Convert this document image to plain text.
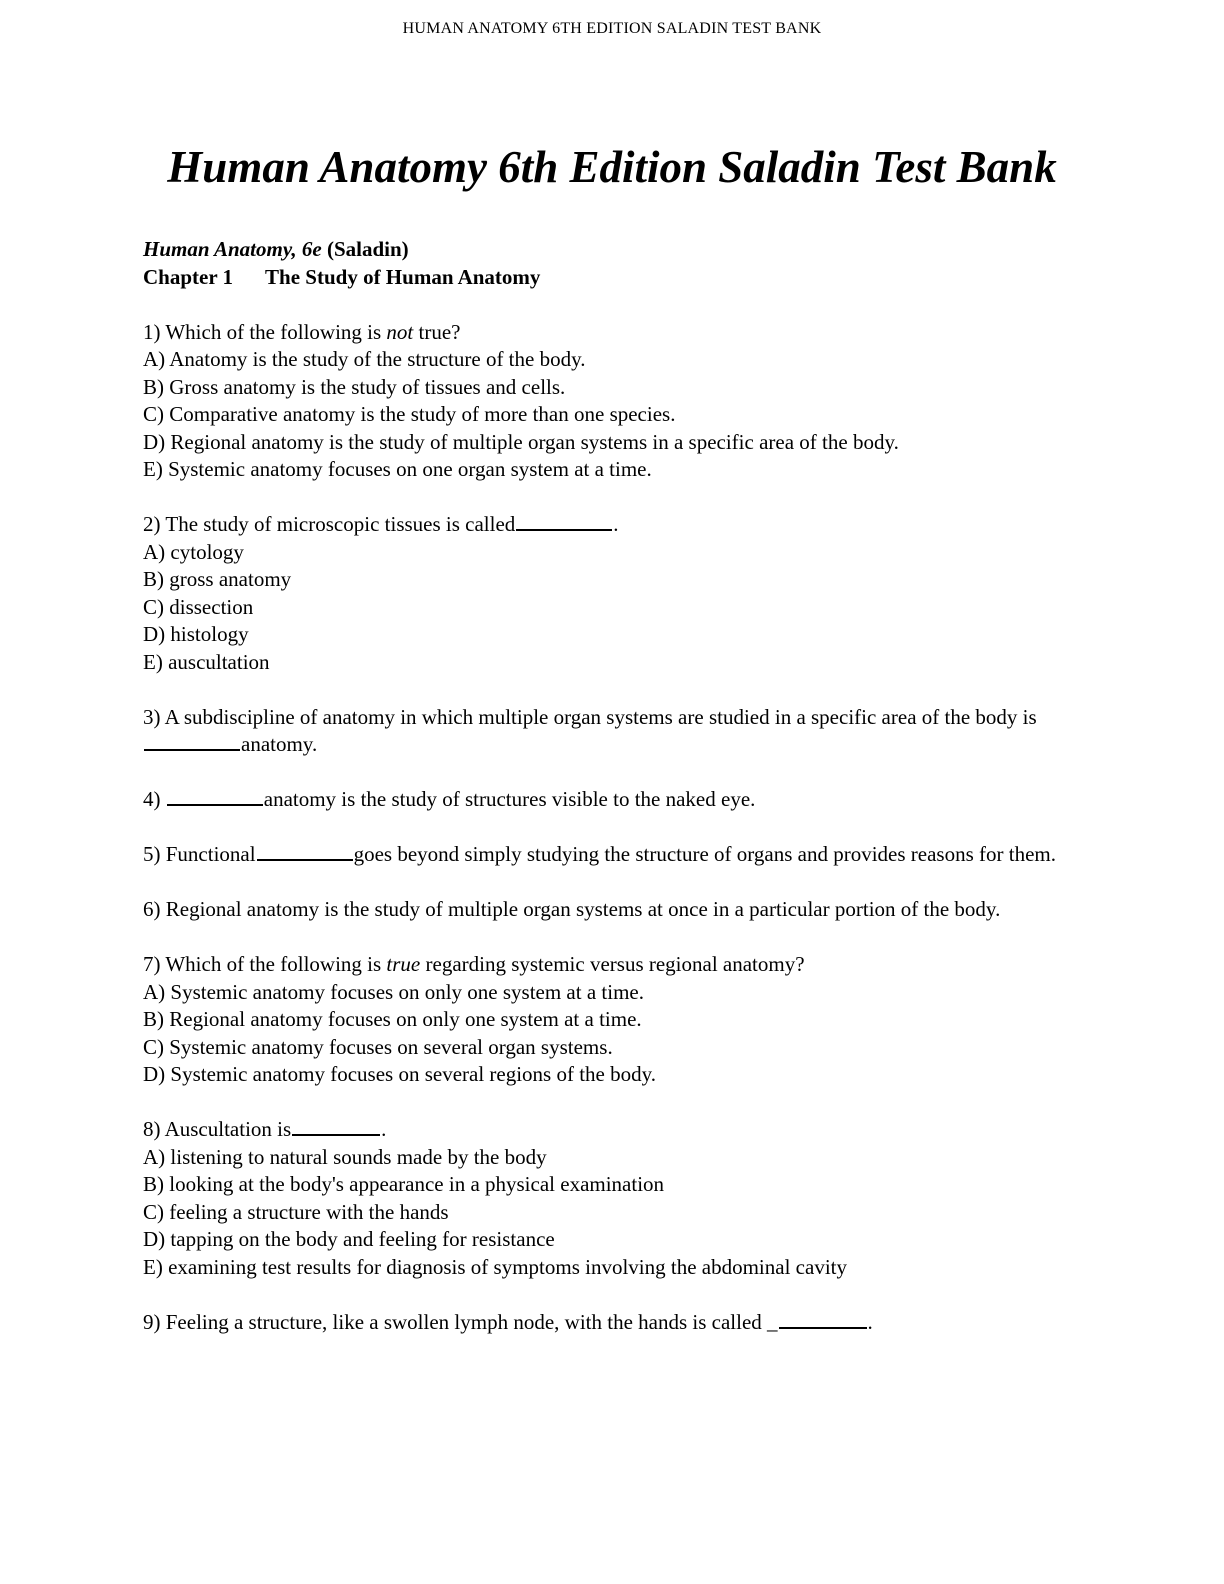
HUMAN ANATOMY 6TH EDITION SALADIN TEST BANK
Human Anatomy 6th Edition Saladin Test Bank

Human Anatomy, 6e (Saladin)

Chapter 1 The Study of Human Anatomy

1) Which of the following is not true?

A) Anatomy is the study of the structure of the body.

B) Gross anatomy is the study of tissues and cells.

C) Comparative anatomy is the study of more than one species.

D) Regional anatomy is the study of multiple organ systems in a specific area of the body.

E) Systemic anatomy focuses on one organ system at a time.

2) The study of microscopic tissues is called	.

A) cytology

B) gross anatomy

C) dissection

D) histology

E) auscultation

3) A subdiscipline of anatomy in which multiple organ systems are studied in a specific area of the body isanatomy.

4)	anatomy is the study of structures visible to the naked eye.

5) Functional	goes beyond simply studying the structure of organs and provides reasons for them.

6) Regional anatomy is the study of multiple organ systems at once in a particular portion of the body.

7) Which of the following is true regarding systemic versus regional anatomy?

A) Systemic anatomy focuses on only one system at a time.

B) Regional anatomy focuses on only one system at a time.

C) Systemic anatomy focuses on several organ systems.

D) Systemic anatomy focuses on several regions of the body.

8) Auscultation is	.

A) listening to natural sounds made by the body

B) looking at the body's appearance in a physical examination

C) feeling a structure with the hands

D) tapping on the body and feeling for resistance

E) examining test results for diagnosis of symptoms involving the abdominal cavity

9) Feeling a structure, like a swollen lymph node, with the hands is called _	.
